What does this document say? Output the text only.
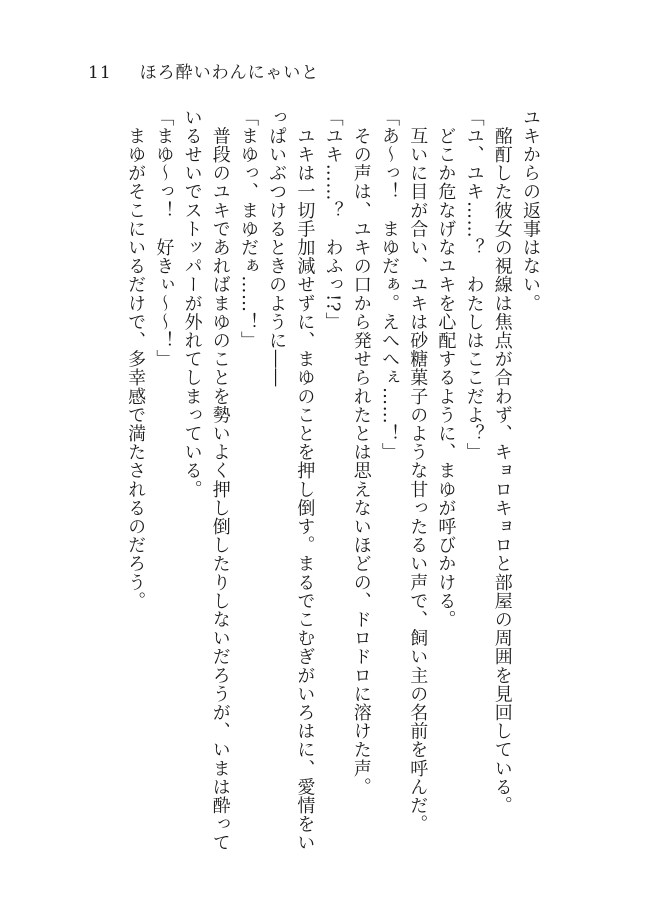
11 ほろ酔いわんにゃいと

ユキからの返事はない。

　酩酊した彼女の視線は焦点が合わず、キョロキョロと部屋の周囲を見回している。

「ユ、ユキ……？　わたしはここだよ？」

　どこか危なげなユキを心配するように、まゆが呼びかける。

　互いに目が合い、ユキは砂糖菓子のような甘ったるい声で、飼い主の名前を呼んだ。

「あ〜っ！　まゆだぁ。えへへぇ……！」

　その声は、ユキの口から発せられたとは思えないほどの、ドロドロに溶けた声。

「ユキ……？　わふっ!?」

　ユキは一切手加減せずに、まゆのことを押し倒す。まるでこむぎがいろはに、愛情をい

っぱいぶつけるときのように――

「まゆっ、まゆだぁ……！」

　普段のユキであればまゆのことを勢いよく押し倒したりしないだろうが、いまは酔って

いるせいでストッパーが外れてしまっている。

「まゆ〜っ！　好きぃ〜〜！」

　まゆがそこにいるだけで、多幸感で満たされるのだろう。
